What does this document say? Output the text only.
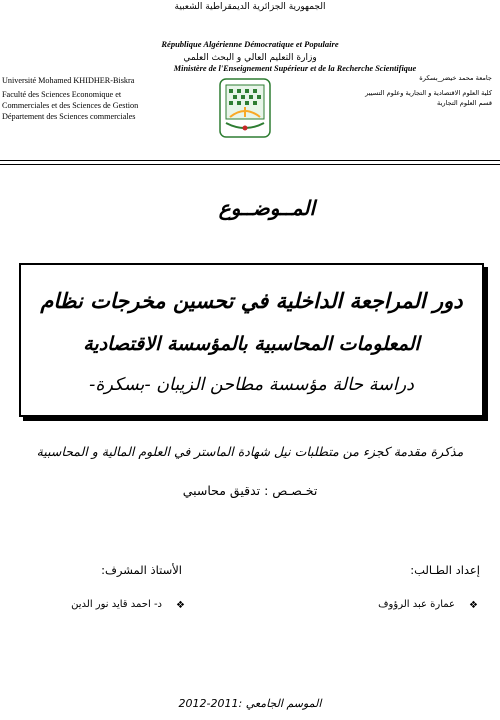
الجمهورية الجزائرية الديمقراطية الشعبية
République Algérienne Démocratique et Populaire
وزارة التعليم العالي و البحث العلمي
Ministère de l'Enseignement Supérieur et de la Recherche Scientifique
Université Mohamed KHIDHER-Biskra
Faculté des Sciences Economique et
Commerciales et des Sciences de Gestion
Département des Sciences commerciales
جامعة محمد خيضر_بسكرة
كلية العلوم الاقتصادية و التجارية وعلوم التسيير
قسم العلوم التجارية
المــوضــوع
دور المراجعة الداخلية في تحسين مخرجات نظام
المعلومات المحاسبية بالمؤسسة الاقتصادية
دراسة حالة مؤسسة مطاحن الزيبان -بسكرة-
مذكرة مقدمة كجزء من متطلبات نيل شهادة الماستر في العلوم المالية و المحاسبية
تخـصـص : تدقيق محاسبي
إعداد الطـالب:
الأستاذ المشرف:
❖
عمارة عبد الرؤوف
❖
د- احمد قايد نور الدين
الموسم الجامعي :2011-2012
